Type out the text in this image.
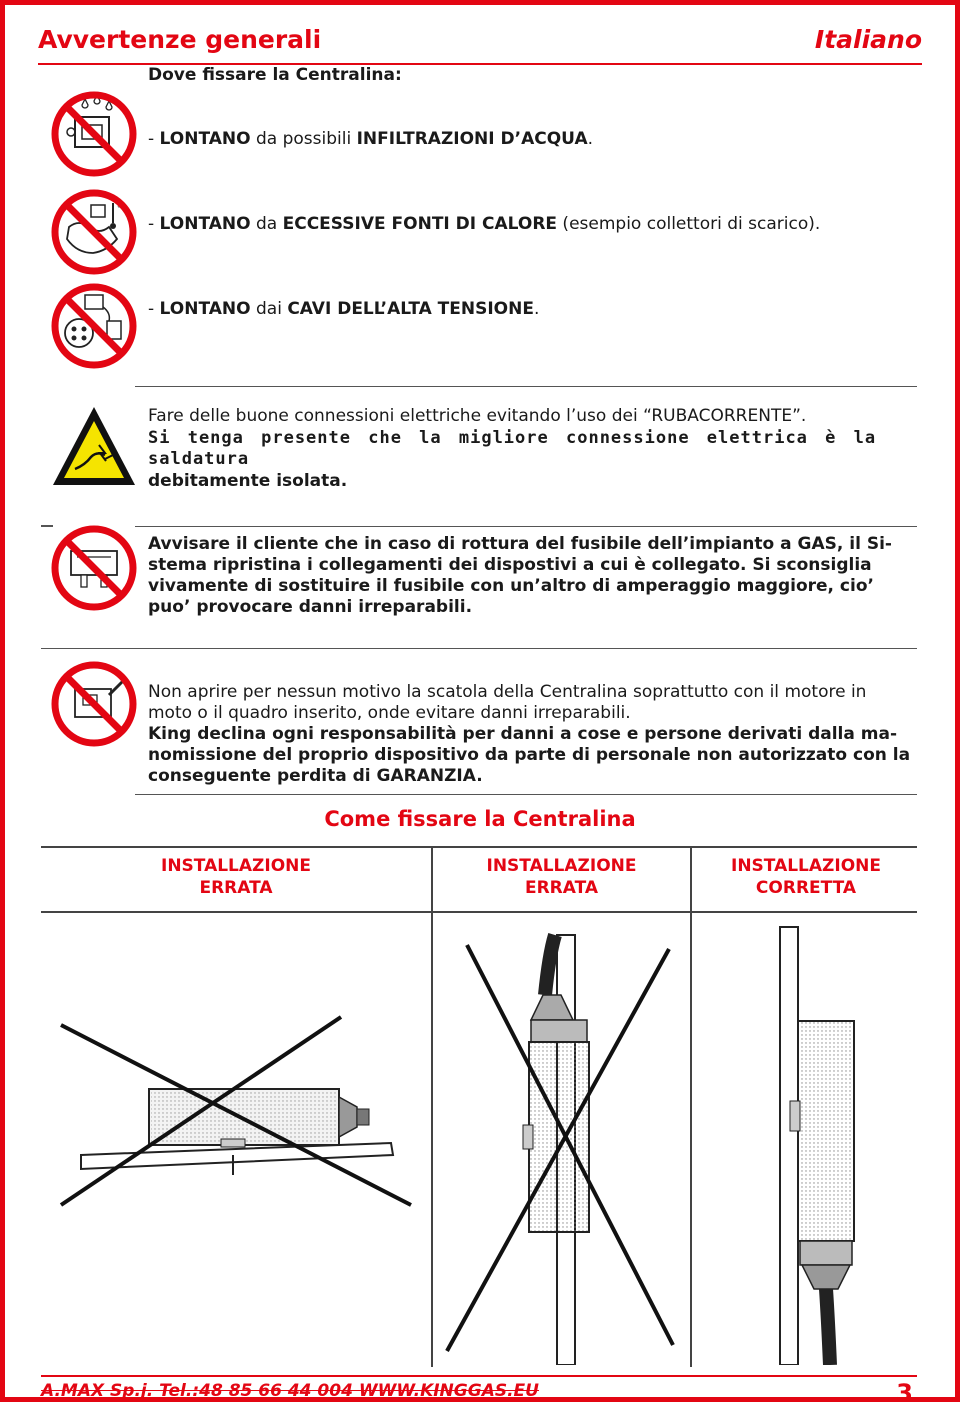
Avvertenze generali	Italiano
Dove fissare la Centralina:
°C
- LONTANO da possibili INFILTRAZIONI D’ACQUA.
- LONTANO da ECCESSIVE FONTI DI CALORE (esempio collettori di scarico).
- LONTANO dai CAVI DELL’ALTA TENSIONE.
Fare delle buone connessioni elettriche evitando l’uso dei “RUBACORRENTE”.
Si tenga presente che la migliore connessione elettrica è la
saldatura
debitamente isolata.
Avvisare il cliente che in caso di rottura del fusibile dell’impianto a GAS, il Si-
stema ripristina i collegamenti dei dispostivi a cui è collegato. Si sconsiglia
vivamente di sostituire il fusibile con un’altro di amperaggio maggiore, cio’
puo’ provocare danni irreparabili.
Non aprire per nessun motivo la scatola della Centralina soprattutto con il motore in
moto o il quadro inserito, onde evitare danni irreparabili.
King declina ogni responsabilità per danni a cose e persone derivati dalla ma-
nomissione del proprio dispositivo da parte di personale non autorizzato con la
conseguente perdita di GARANZIA.
Come fissare la Centralina
INSTALLAZIONE
ERRATA
INSTALLAZIONE
ERRATA
INSTALLAZIONE
CORRETTA
A.MAX Sp.j. Tel.:48 85 66 44 004 WWW.KINGGAS.EU	3
